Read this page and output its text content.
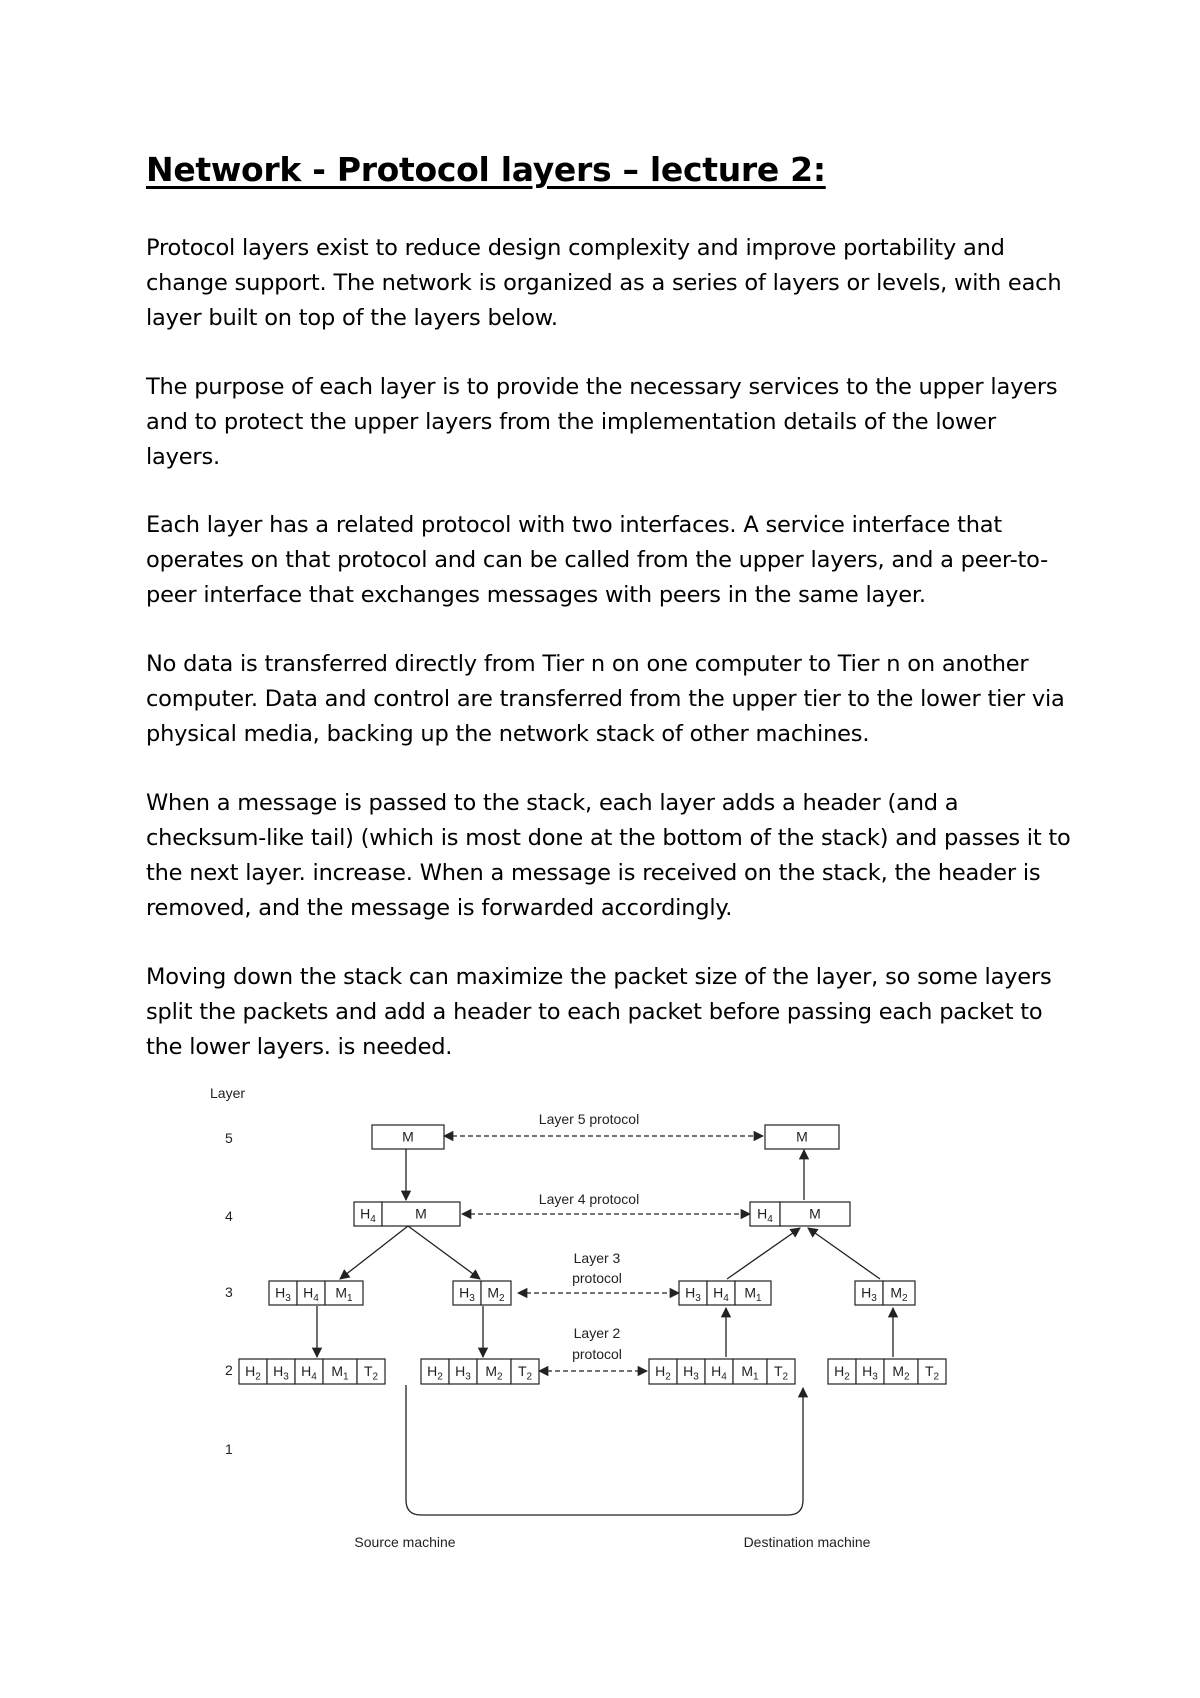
Network - Protocol layers – lecture 2:

Protocol layers exist to reduce design complexity and improve portability and change support. The network is organized as a series of layers or levels, with each layer built on top of the layers below.

The purpose of each layer is to provide the necessary services to the upper layers and to protect the upper layers from the implementation details of the lower layers.

Each layer has a related protocol with two interfaces. A service interface that operates on that protocol and can be called from the upper layers, and a peer-to-peer interface that exchanges messages with peers in the same layer.

No data is transferred directly from Tier n on one computer to Tier n on another computer. Data and control are transferred from the upper tier to the lower tier via physical media, backing up the network stack of other machines.

When a message is passed to the stack, each layer adds a header (and a checksum-like tail) (which is most done at the bottom of the stack) and passes it to the next layer. increase. When a message is received on the stack, the header is removed, and the message is forwarded accordingly.

Moving down the stack can maximize the packet size of the layer, so some layers split the packets and add a header to each packet before passing each packet to the lower layers. is needed.

Layer
5
4
3
2
1
Layer 5 protocol
Layer 4 protocol
Layer 3
protocol
Layer 2
protocol
Source machine	Destination machine
M	M
$H_4$	M	$H_4$	M
$H_3$ $H_4$ $M_1$	$H_3$ $M_2$	$H_3$ $H_4$ $M_1$	$H_3$ $M_2$
$H_2$ $H_3$ $H_4$ $M_1$ $T_2$	$H_2$ $H_3$ $M_2$ $T_2$	$H_2$ $H_3$ $H_4$ $M_1$ $T_2$	$H_2$ $H_3$ $M_2$ $T_2$
